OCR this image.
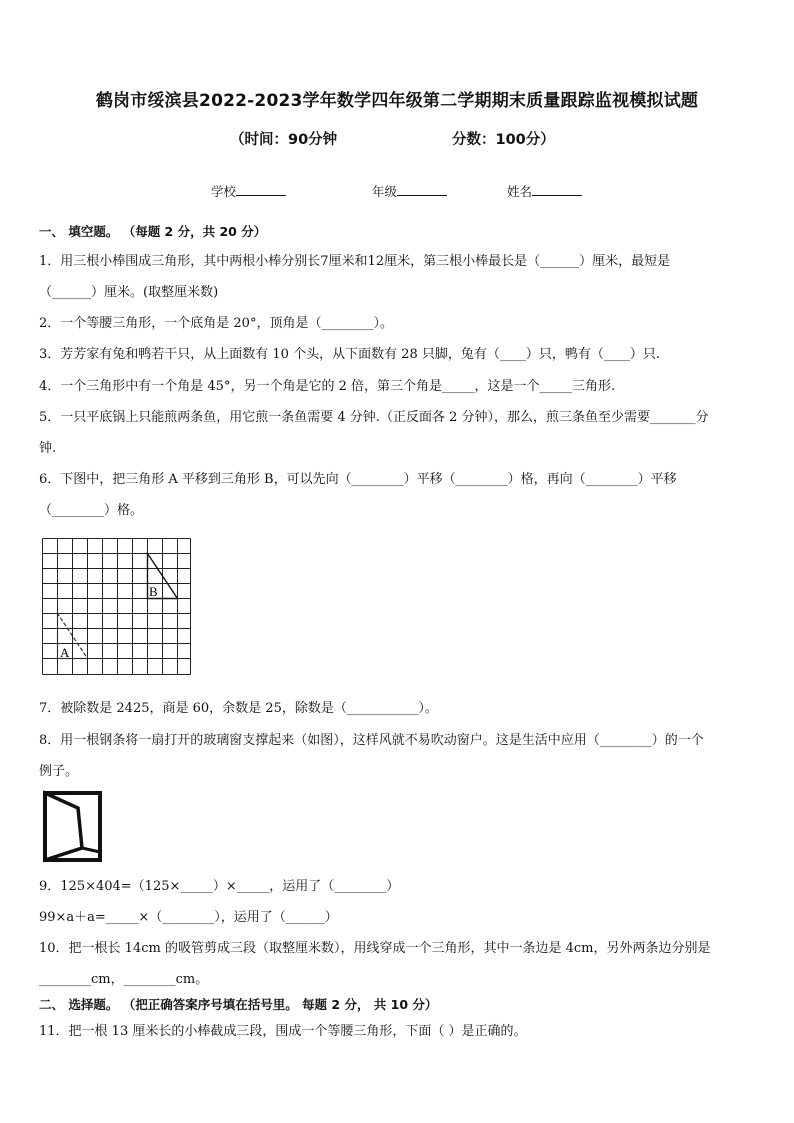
鹤岗市绥滨县2022-2023学年数学四年级第二学期期末质量跟踪监视模拟试题
（时间：90分钟	分数：100分）
学校	年级	姓名
一、 填空题。 （每题 2 分，共 20 分）
1．用三根小棒围成三角形，其中两根小棒分别长7厘米和12厘米，第三根小棒最长是（______）厘米，最短是
（______）厘米。(取整厘米数)
2．一个等腰三角形，一个底角是 20°，顶角是（________）。
3．芳芳家有兔和鸭若干只，从上面数有 10 个头，从下面数有 28 只脚，兔有（____）只，鸭有（____）只.
4．一个三角形中有一个角是 45°，另一个角是它的 2 倍，第三个角是_____，这是一个_____三角形.
5．一只平底锅上只能煎两条鱼，用它煎一条鱼需要 4 分钟.（正反面各 2 分钟），那么，煎三条鱼至少需要_______分
钟.
6．下图中，把三角形 A 平移到三角形 B，可以先向（________）平移（________）格，再向（________）平移
（________）格。
A
B
7．被除数是 2425，商是 60，余数是 25，除数是（___________）。
8．用一根钢条将一扇打开的玻璃窗支撑起来（如图），这样风就不易吹动窗户。这是生活中应用（________）的一个
例子。
9．125×404=（125×_____）×_____，运用了（________）
99×a＋a=_____×（________），运用了（______）
10．把一根长 14cm 的吸管剪成三段（取整厘米数），用线穿成一个三角形，其中一条边是 4cm，另外两条边分别是
________cm，________cm。
二、 选择题。 （把正确答案序号填在括号里。 每题 2 分， 共 10 分）
11．把一根 13 厘米长的小棒截成三段，围成一个等腰三角形，下面（ ）是正确的。
